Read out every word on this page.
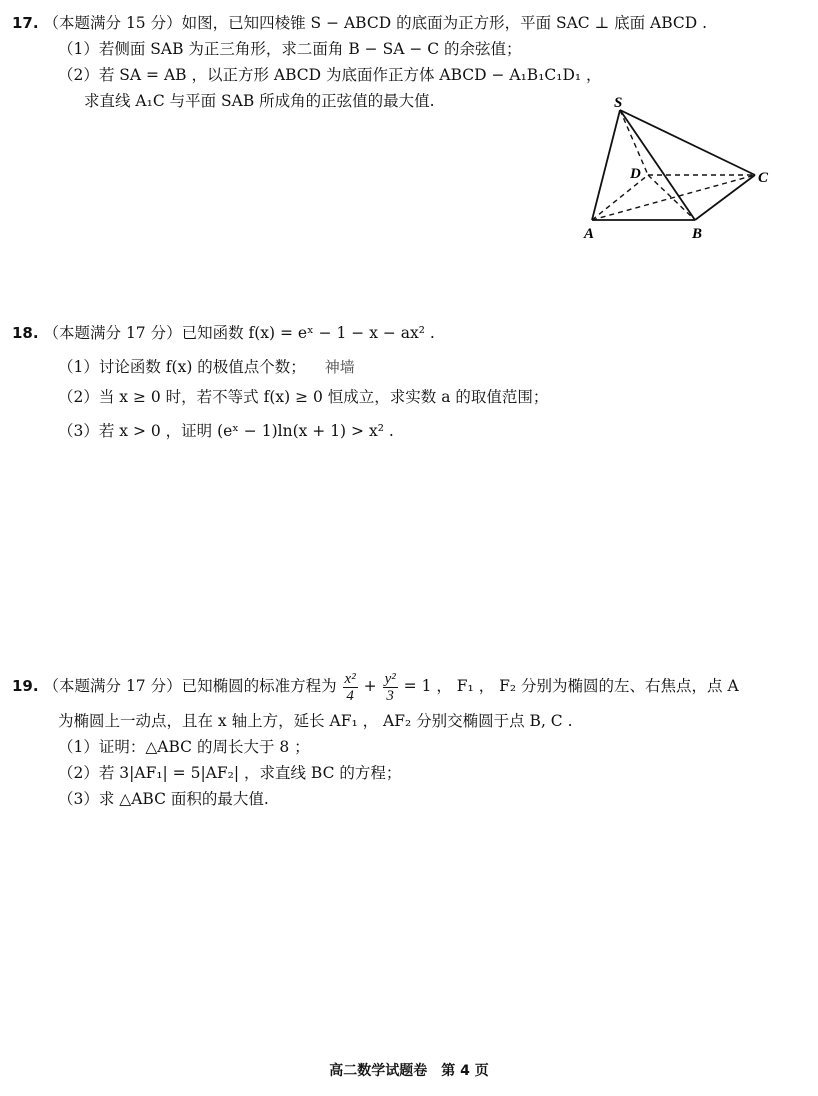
17. （本题满分 15 分）如图，已知四棱锥 S − ABCD 的底面为正方形，平面 SAC ⊥ 底面 ABCD .
（1）若侧面 SAB 为正三角形，求二面角 B − SA − C 的余弦值；
（2）若 SA = AB ，以正方形 ABCD 为底面作正方体 ABCD − A₁B₁C₁D₁ ，
求直线 A₁C 与平面 SAB 所成角的正弦值的最大值.	S
D	C
A	B
18. （本题满分 17 分）已知函数 f(x) = eˣ − 1 − x − ax² .
（1）讨论函数 f(x) 的极值点个数； 神墙
（2）当 x ≥ 0 时，若不等式 f(x) ≥ 0 恒成立，求实数 a 的取值范围；
（3）若 x > 0 ，证明 (eˣ − 1)ln(x + 1) > x² .
19. （本题满分 17 分）已知椭圆的标准方程为 $\frac{\text{x²}}{4} + \frac{\text{y²}}{3} = 1$ ， F₁ ， F₂ 分别为椭圆的左、右焦点，点 A
为椭圆上一动点，且在 x 轴上方，延长 AF₁ ， AF₂ 分别交椭圆于点 B, C .
（1）证明：△ABC 的周长大于 8 ；
（2）若 3|AF₁| = 5|AF₂| ，求直线 BC 的方程；
（3）求 △ABC 面积的最大值.
高二数学试题卷　第 4 页
